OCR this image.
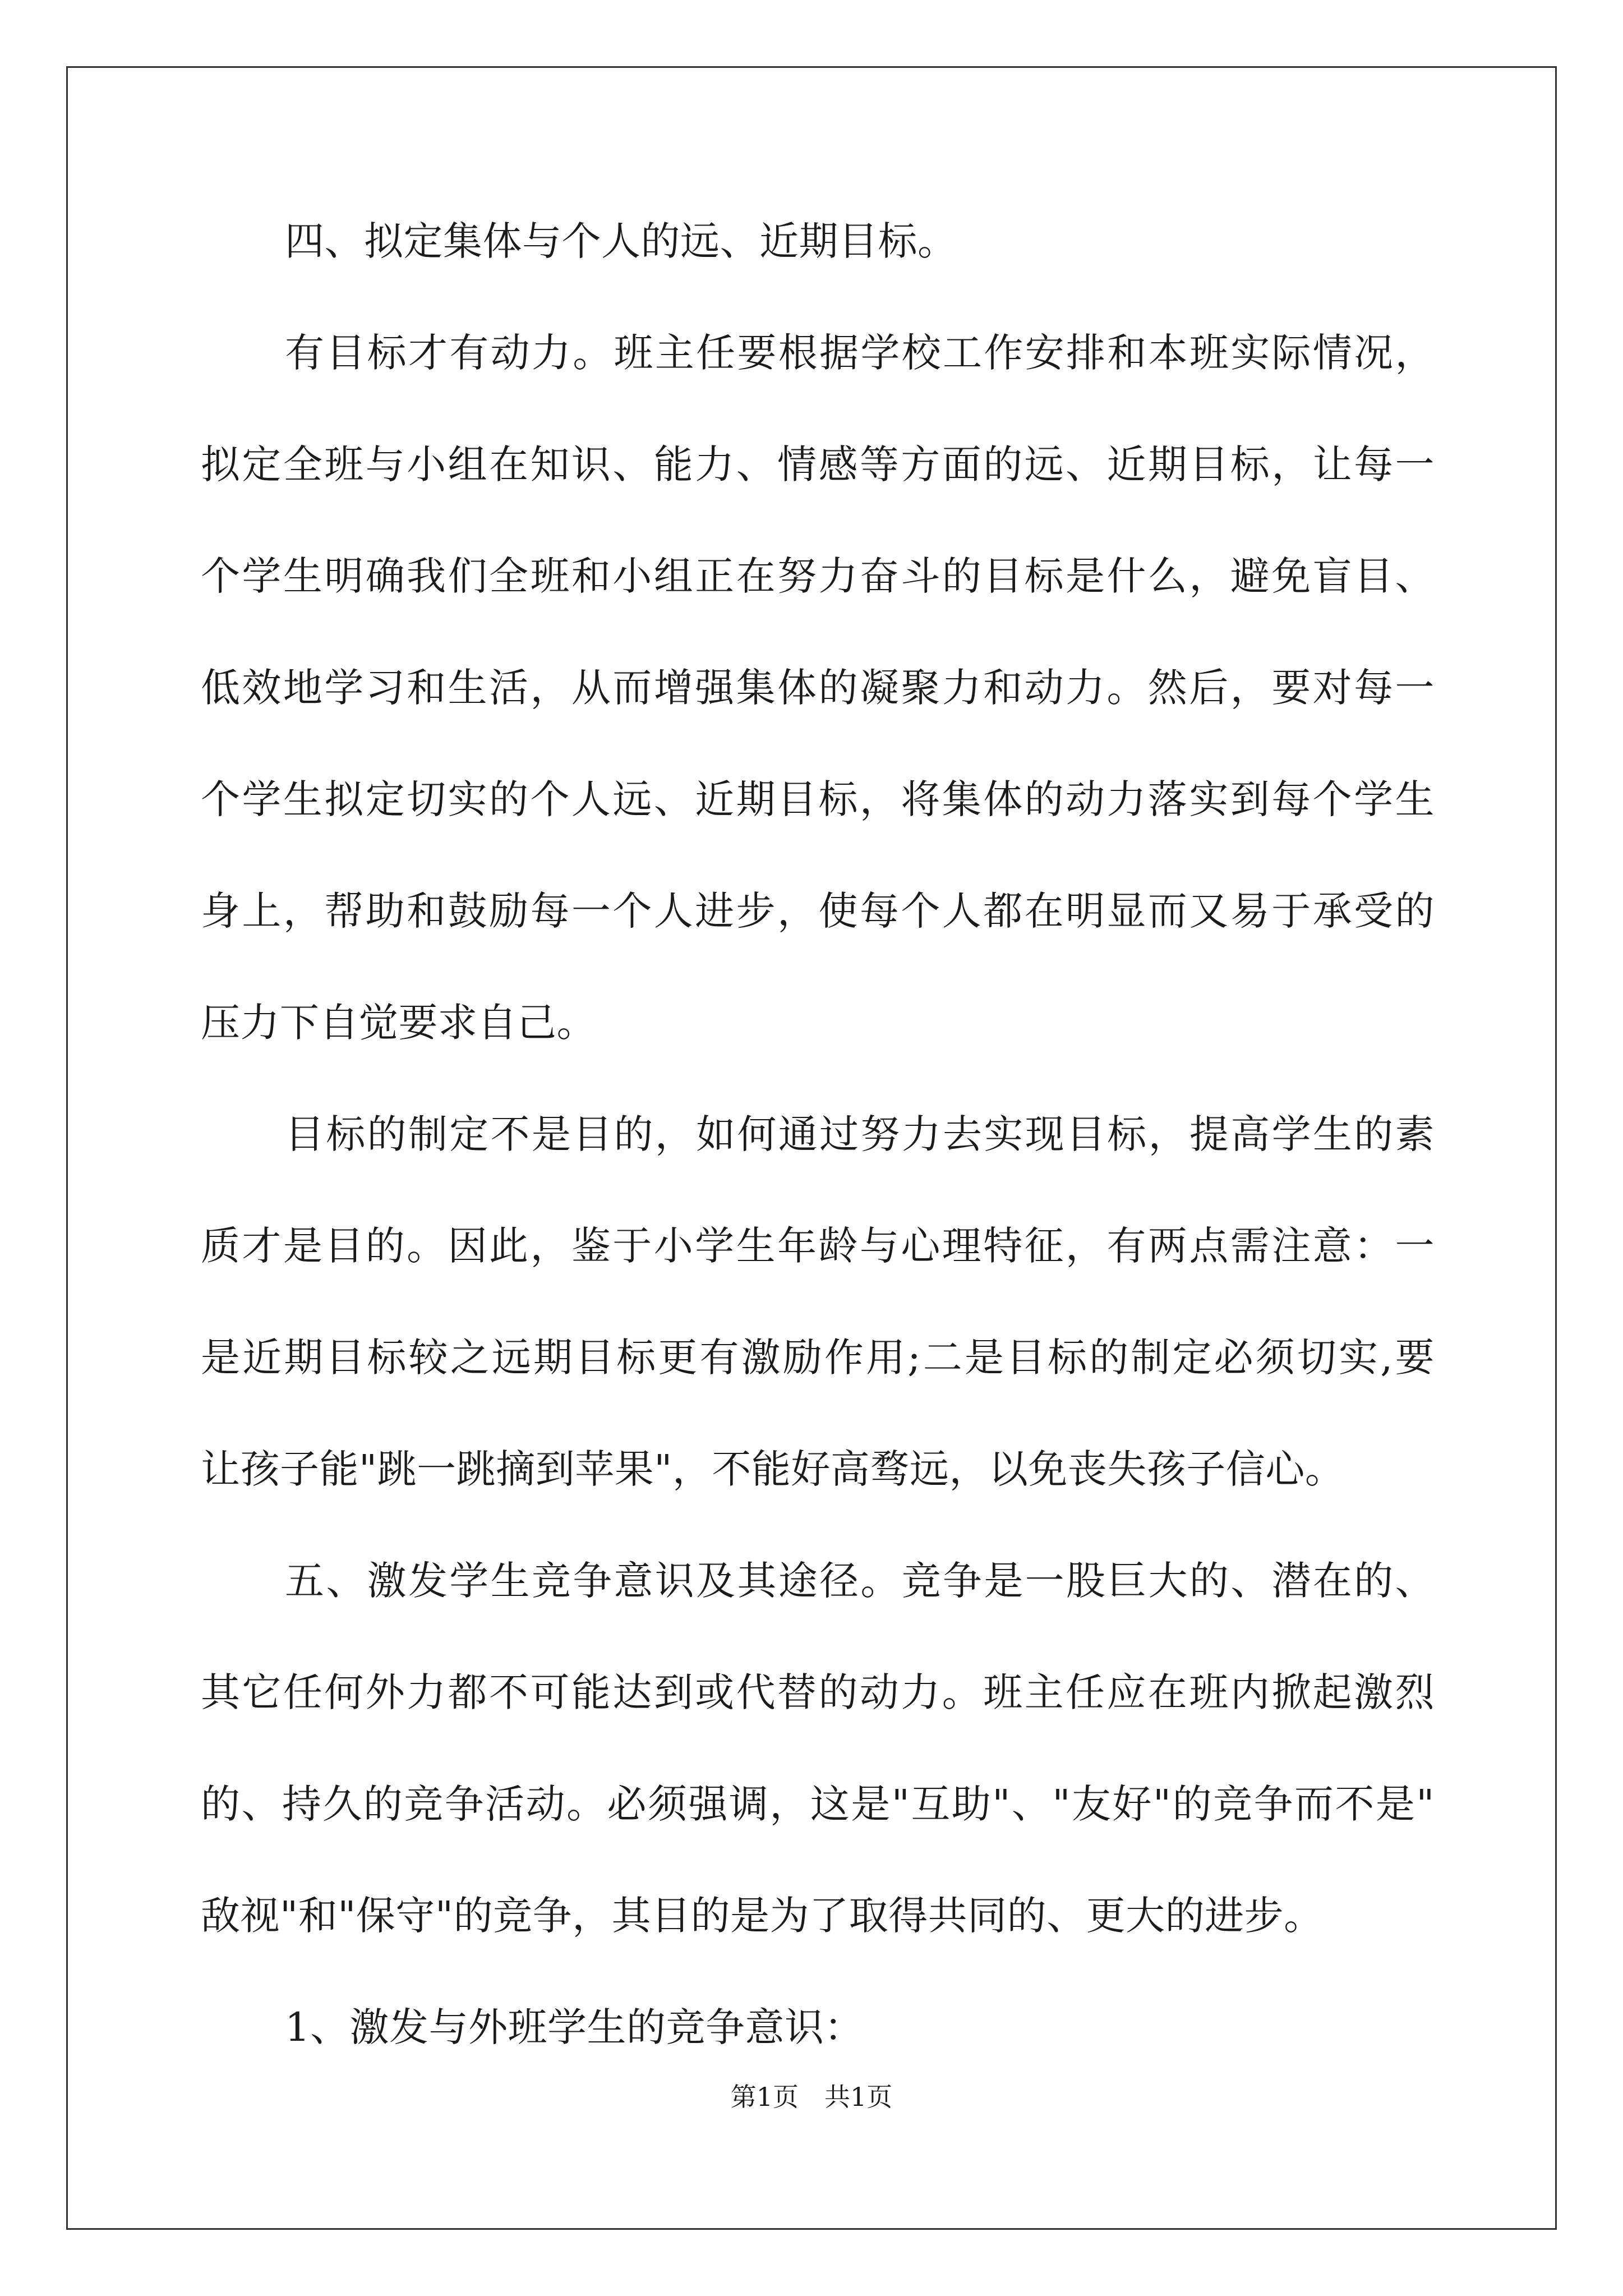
四、拟定集体与个人的远、近期目标。
有目标才有动力。班主任要根据学校工作安排和本班实际情况，
拟定全班与小组在知识、能力、情感等方面的远、近期目标，让每一
个学生明确我们全班和小组正在努力奋斗的目标是什么，避免盲目、
低效地学习和生活，从而增强集体的凝聚力和动力。然后，要对每一
个学生拟定切实的个人远、近期目标，将集体的动力落实到每个学生
身上，帮助和鼓励每一个人进步，使每个人都在明显而又易于承受的
压力下自觉要求自己。
目标的制定不是目的，如何通过努力去实现目标，提高学生的素
质才是目的。因此，鉴于小学生年龄与心理特征，有两点需注意：一
是近期目标较之远期目标更有激励作用;二是目标的制定必须切实,要
让孩子能"跳一跳摘到苹果"，不能好高骛远，以免丧失孩子信心。
五、激发学生竞争意识及其途径。竞争是一股巨大的、潜在的、
其它任何外力都不可能达到或代替的动力。班主任应在班内掀起激烈
的、持久的竞争活动。必须强调，这是"互助"、"友好"的竞争而不是"
敌视"和"保守"的竞争，其目的是为了取得共同的、更大的进步。
1、激发与外班学生的竞争意识：
第1页　共1页
